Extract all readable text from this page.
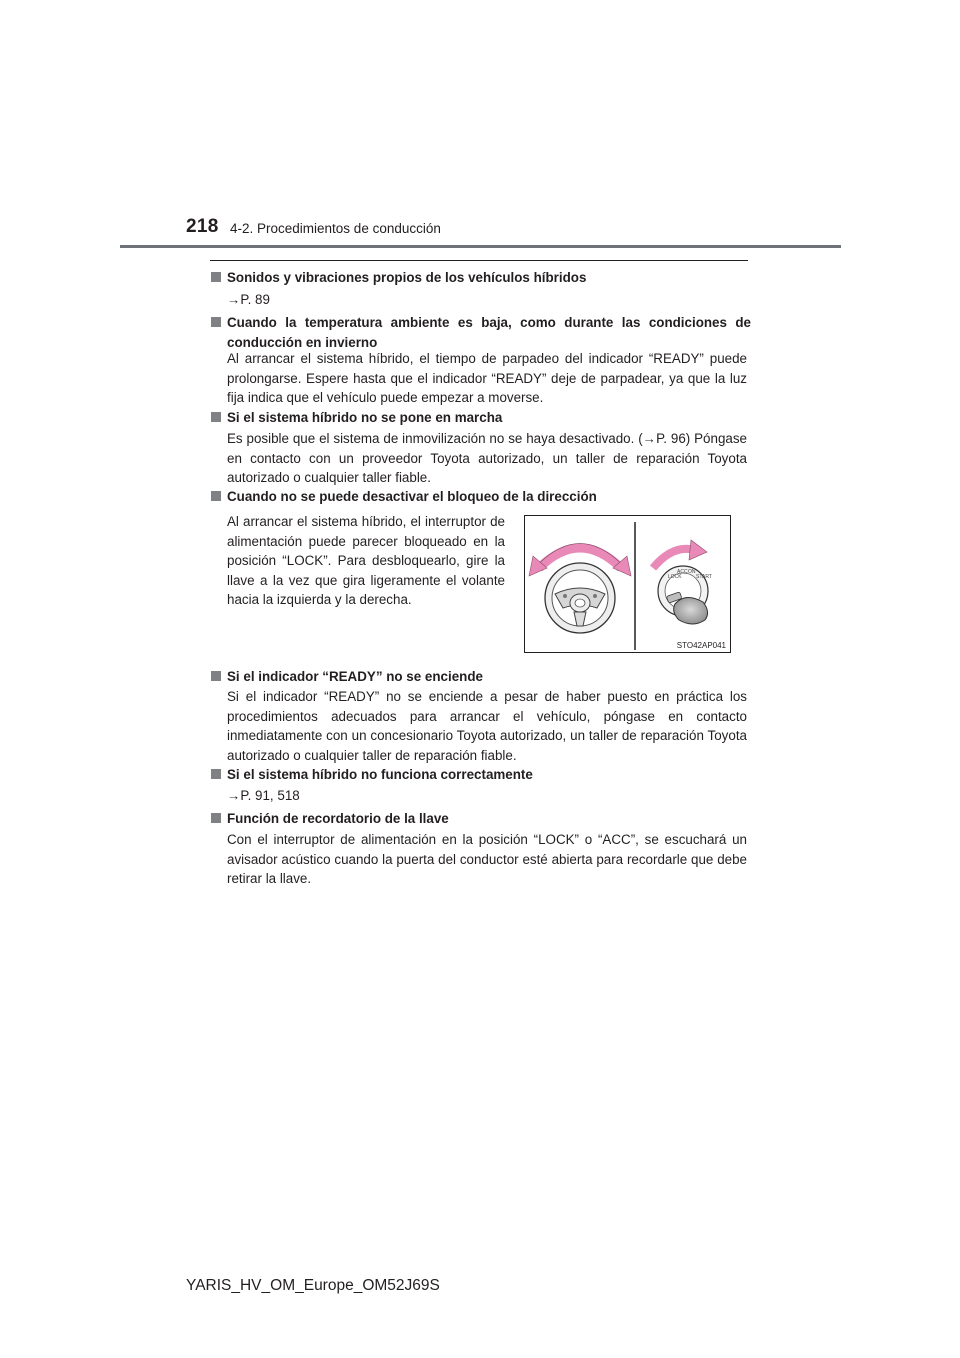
218 4-2. Procedimientos de conducción
Sonidos y vibraciones propios de los vehículos híbridos
→P. 89
Cuando la temperatura ambiente es baja, como durante las condiciones de
conducción en invierno
Al arrancar el sistema híbrido, el tiempo de parpadeo del indicador “READY” puede prolongarse. Espere hasta que el indicador “READY” deje de parpadear, ya que la luz fija indica que el vehículo puede empezar a moverse.
Si el sistema híbrido no se pone en marcha
Es posible que el sistema de inmovilización no se haya desactivado. (→P. 96) Póngase en contacto con un proveedor Toyota autorizado, un taller de reparación Toyota autorizado o cualquier taller fiable.
Cuando no se puede desactivar el bloqueo de la dirección
Al arrancar el sistema híbrido, el interruptor de alimentación puede parecer bloqueado en la posición “LOCK”. Para desbloquearlo, gire la llave a la vez que gira ligeramente el volante hacia la izquierda y la derecha.
LOCK
ACC ON
START
STO42AP041
Si el indicador “READY” no se enciende
Si el indicador “READY” no se enciende a pesar de haber puesto en práctica los procedimientos adecuados para arrancar el vehículo, póngase en contacto inmediatamente con un concesionario Toyota autorizado, un taller de reparación Toyota autorizado o cualquier taller de reparación fiable.
Si el sistema híbrido no funciona correctamente
→P. 91, 518
Función de recordatorio de la llave
Con el interruptor de alimentación en la posición “LOCK” o “ACC”, se escuchará un avisador acústico cuando la puerta del conductor esté abierta para recordarle que debe retirar la llave.
YARIS_HV_OM_Europe_OM52J69S
